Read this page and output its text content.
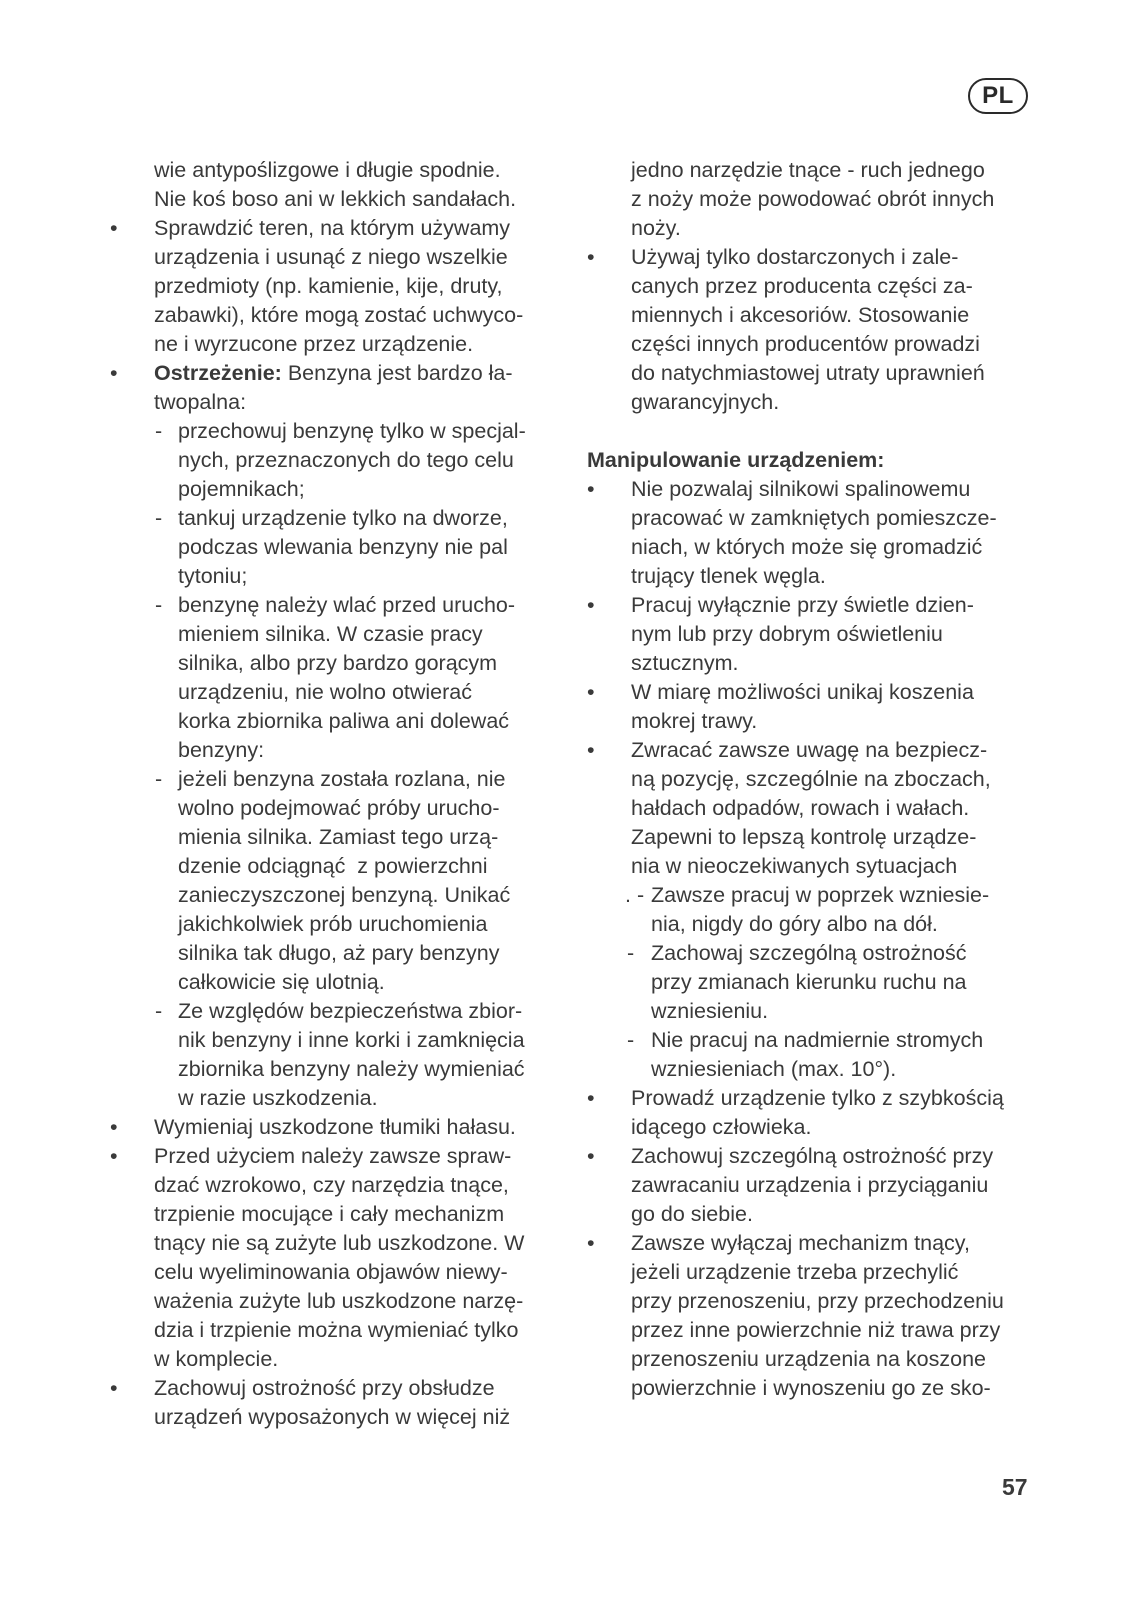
PL
wie antypoślizgowe i długie spodnie.
Nie koś boso ani w lekkich sandałach.
•	Sprawdzić teren, na którym używamy
urządzenia i usunąć z niego wszelkie
przedmioty (np. kamienie, kije, druty,
zabawki), które mogą zostać uchwyco-
ne i wyrzucone przez urządzenie.
•	Ostrzeżenie: Benzyna jest bardzo ła-
twopalna:
- przechowuj benzynę tylko w specjal-
nych, przeznaczonych do tego celu
pojemnikach;
- tankuj urządzenie tylko na dworze,
podczas wlewania benzyny nie pal
tytoniu;
- benzynę należy wlać przed urucho-
mieniem silnika. W czasie pracy
silnika, albo przy bardzo gorącym
urządzeniu, nie wolno otwierać
korka zbiornika paliwa ani dolewać
benzyny:
- jeżeli benzyna została rozlana, nie
wolno podejmować próby urucho-
mienia silnika. Zamiast tego urzą-
dzenie odciągnąć  z powierzchni
zanieczyszczonej benzyną. Unikać
jakichkolwiek prób uruchomienia
silnika tak długo, aż pary benzyny
całkowicie się ulotnią.
- Ze względów bezpieczeństwa zbior-
nik benzyny i inne korki i zamknięcia
zbiornika benzyny należy wymieniać
w razie uszkodzenia.
•	Wymieniaj uszkodzone tłumiki hałasu.
•	Przed użyciem należy zawsze spraw-
dzać wzrokowo, czy narzędzia tnące,
trzpienie mocujące i cały mechanizm
tnący nie są zużyte lub uszkodzone. W
celu wyeliminowania objawów niewy-
ważenia zużyte lub uszkodzone narzę-
dzia i trzpienie można wymieniać tylko
w komplecie.
•	Zachowuj ostrożność przy obsłudze
urządzeń wyposażonych w więcej niż
jedno narzędzie tnące - ruch jednego
z noży może powodować obrót innych
noży.
•	Używaj tylko dostarczonych i zale-
canych przez producenta części za-
miennych i akcesoriów. Stosowanie
części innych producentów prowadzi
do natychmiastowej utraty uprawnień
gwarancyjnych.
Manipulowanie urządzeniem:
•	Nie pozwalaj silnikowi spalinowemu
pracować w zamkniętych pomieszcze-
niach, w których może się gromadzić
trujący tlenek węgla.
•	Pracuj wyłącznie przy świetle dzien-
nym lub przy dobrym oświetleniu
sztucznym.
•	W miarę możliwości unikaj koszenia
mokrej trawy.
•	Zwracać zawsze uwagę na bezpiecz-
ną pozycję, szczególnie na zboczach,
hałdach odpadów, rowach i wałach.
Zapewni to lepszą kontrolę urządze-
nia w nieoczekiwanych sytuacjach
. - Zawsze pracuj w poprzek wzniesie-
nia, nigdy do góry albo na dół.
- Zachowaj szczególną ostrożność
przy zmianach kierunku ruchu na
wzniesieniu.
- Nie pracuj na nadmiernie stromych
wzniesieniach (max. 10°).
•	Prowadź urządzenie tylko z szybkością
idącego człowieka.
•	Zachowuj szczególną ostrożność przy
zawracaniu urządzenia i przyciąganiu
go do siebie.
•	Zawsze wyłączaj mechanizm tnący,
jeżeli urządzenie trzeba przechylić
przy przenoszeniu, przy przechodzeniu
przez inne powierzchnie niż trawa przy
przenoszeniu urządzenia na koszone
powierzchnie i wynoszeniu go ze sko-
57
